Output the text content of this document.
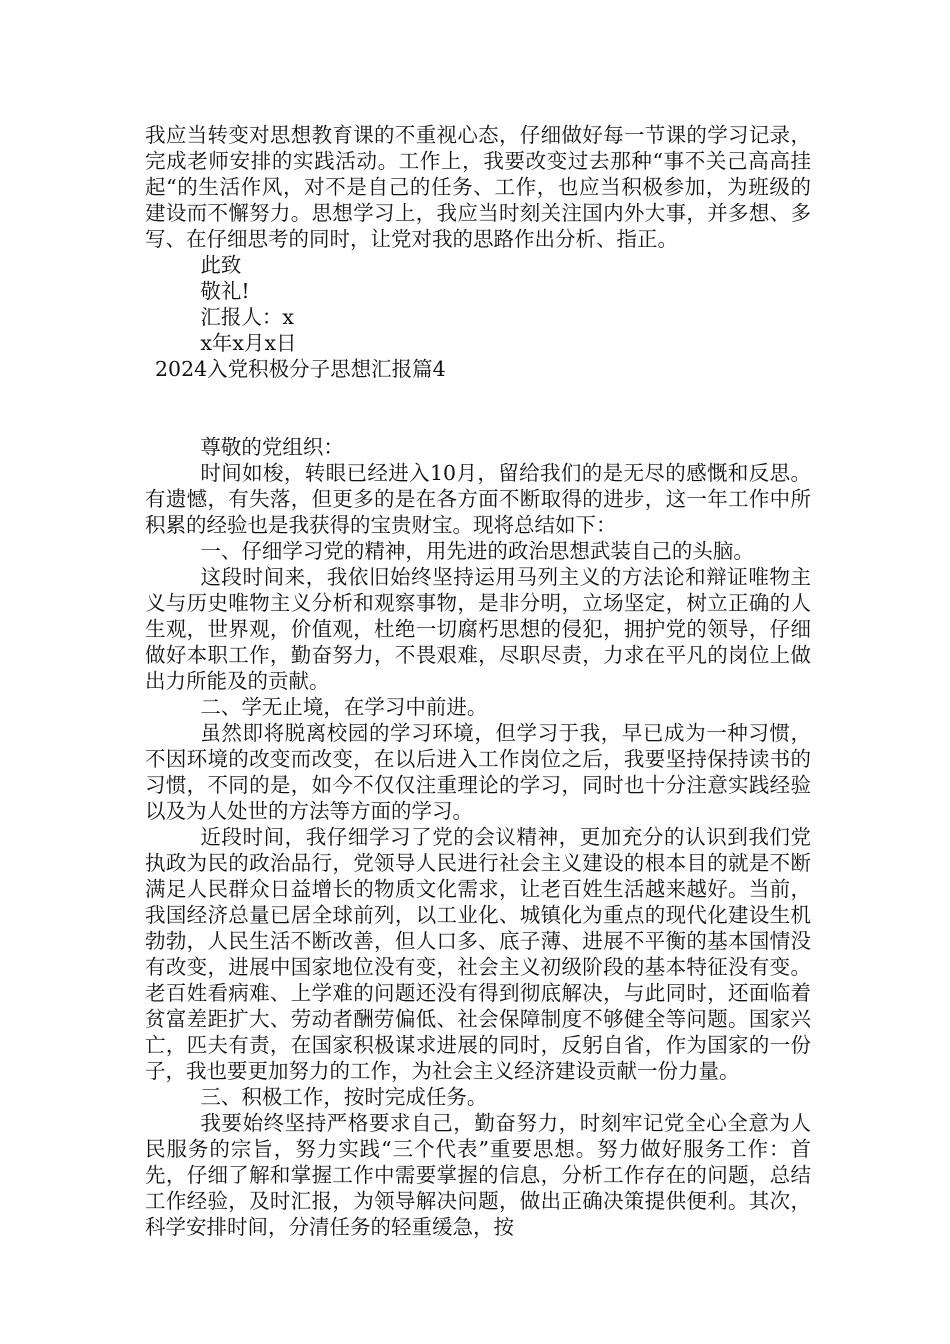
我应当转变对思想教育课的不重视心态，仔细做好每一节课的学习记录，完成老师安排的实践活动。工作上，我要改变过去那种“事不关己高高挂起“的生活作风，对不是自己的任务、工作，也应当积极参加，为班级的建设而不懈努力。思想学习上，我应当时刻关注国内外大事，并多想、多写、在仔细思考的同时，让党对我的思路作出分析、指正。

此致

敬礼!

汇报人：x

x年x月x日

2024入党积极分子思想汇报篇4

尊敬的党组织：

时间如梭，转眼已经进入10月，留给我们的是无尽的感慨和反思。有遗憾，有失落，但更多的是在各方面不断取得的进步，这一年工作中所积累的经验也是我获得的宝贵财宝。现将总结如下：

一、仔细学习党的精神，用先进的政治思想武装自己的头脑。

这段时间来，我依旧始终坚持运用马列主义的方法论和辩证唯物主义与历史唯物主义分析和观察事物，是非分明，立场坚定，树立正确的人生观，世界观，价值观，杜绝一切腐朽思想的侵犯，拥护党的领导，仔细做好本职工作，勤奋努力，不畏艰难，尽职尽责，力求在平凡的岗位上做出力所能及的贡献。

二、学无止境，在学习中前进。

虽然即将脱离校园的学习环境，但学习于我，早已成为一种习惯，不因环境的改变而改变，在以后进入工作岗位之后，我要坚持保持读书的习惯，不同的是，如今不仅仅注重理论的学习，同时也十分注意实践经验以及为人处世的方法等方面的学习。

近段时间，我仔细学习了党的会议精神，更加充分的认识到我们党执政为民的政治品行，党领导人民进行社会主义建设的根本目的就是不断满足人民群众日益增长的物质文化需求，让老百姓生活越来越好。当前，我国经济总量已居全球前列，以工业化、城镇化为重点的现代化建设生机勃勃，人民生活不断改善，但人口多、底子薄、进展不平衡的基本国情没有改变，进展中国家地位没有变，社会主义初级阶段的基本特征没有变。老百姓看病难、上学难的问题还没有得到彻底解决，与此同时，还面临着贫富差距扩大、劳动者酬劳偏低、社会保障制度不够健全等问题。国家兴亡，匹夫有责，在国家积极谋求进展的同时，反躬自省，作为国家的一份子，我也要更加努力的工作，为社会主义经济建设贡献一份力量。

三、积极工作，按时完成任务。

我要始终坚持严格要求自己，勤奋努力，时刻牢记党全心全意为人民服务的宗旨，努力实践“三个代表”重要思想。努力做好服务工作：首先，仔细了解和掌握工作中需要掌握的信息，分析工作存在的问题，总结工作经验，及时汇报，为领导解决问题，做出正确决策提供便利。其次，科学安排时间，分清任务的轻重缓急，按
